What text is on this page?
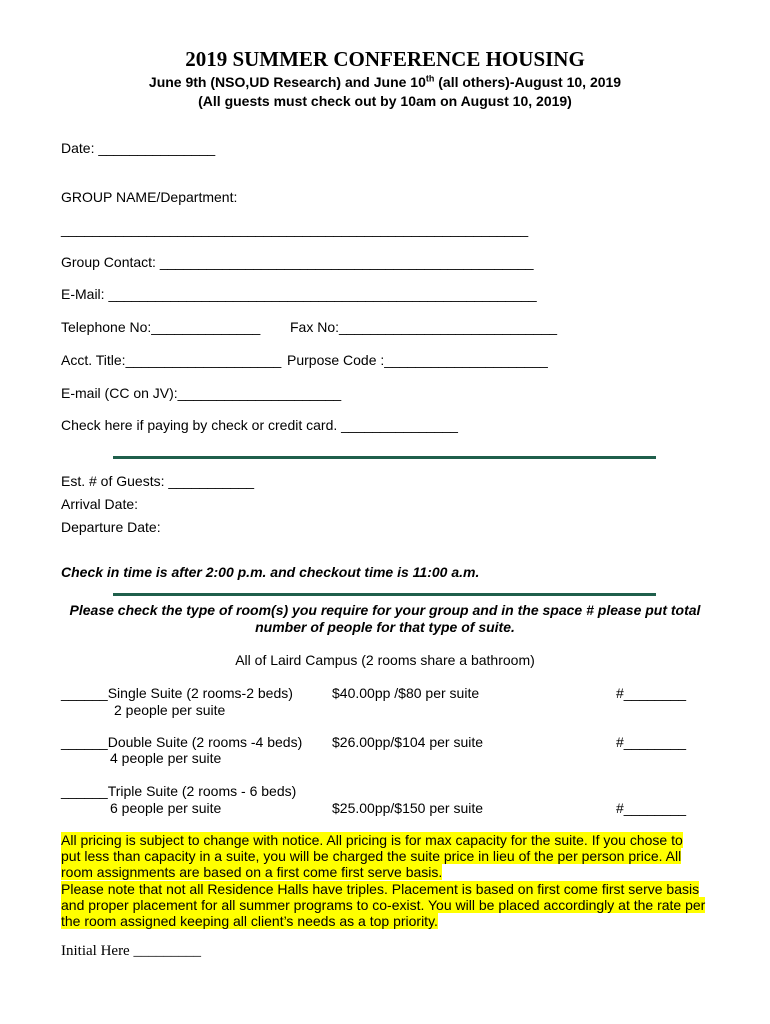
2019 SUMMER CONFERENCE HOUSING
June 9th (NSO,UD Research) and June 10th (all others)-August 10, 2019
(All guests must check out by 10am on August 10, 2019)
Date: _______________
GROUP NAME/Department:
____________________________________________________________
Group Contact: ________________________________________________
E-Mail: _______________________________________________________
Telephone No:______________ Fax No:____________________________
Acct. Title:____________________ Purpose Code :_____________________
E-mail (CC on JV):_____________________
Check here if paying by check or credit card. _______________
Est. # of Guests: ___________
Arrival Date:
Departure Date:
Check in time is after 2:00 p.m. and checkout time is 11:00 a.m.
Please check the type of room(s) you require for your group and in the space # please put total number of people for that type of suite.
All of Laird Campus (2 rooms share a bathroom)
______Single Suite (2 rooms-2 beds)
2 people per suite
$40.00pp /$80 per suite	#________
______Double Suite (2 rooms -4 beds)
4 people per suite
$26.00pp/$104 per suite	#________
______Triple Suite (2 rooms - 6 beds)
6 people per suite	$25.00pp/$150 per suite	#________
All pricing is subject to change with notice. All pricing is for max capacity for the suite. If you chose to put less than capacity in a suite, you will be charged the suite price in lieu of the per person price. All room assignments are based on a first come first serve basis.
Please note that not all Residence Halls have triples. Placement is based on first come first serve basis and proper placement for all summer programs to co-exist. You will be placed accordingly at the rate per the room assigned keeping all client’s needs as a top priority.
Initial Here _________
